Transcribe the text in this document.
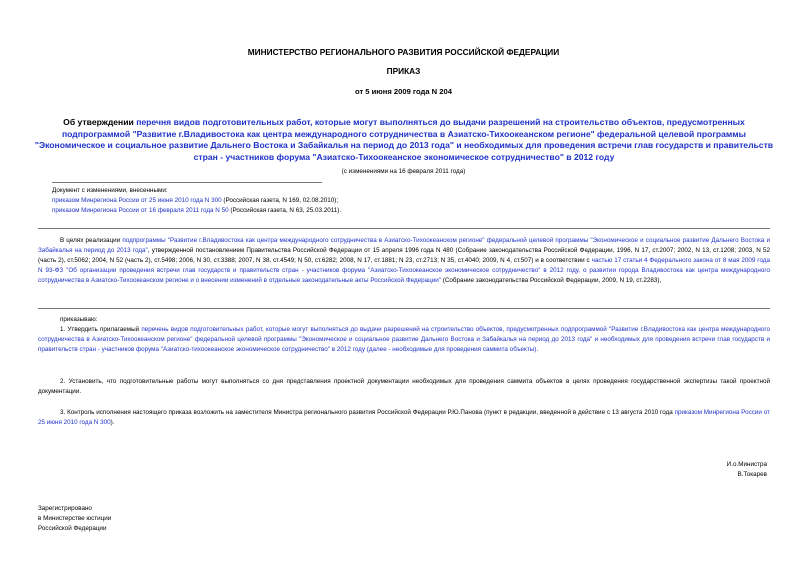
МИНИСТЕРСТВО РЕГИОНАЛЬНОГО РАЗВИТИЯ РОССИЙСКОЙ ФЕДЕРАЦИИ
ПРИКАЗ
от 5 июня 2009 года N 204
Об утверждении перечня видов подготовительных работ, которые могут выполняться до выдачи разрешений на строительство объектов, предусмотренных подпрограммой "Развитие г.Владивостока как центра международного сотрудничества в Азиатско-Тихоокеанском регионе" федеральной целевой программы "Экономическое и социальное развитие Дальнего Востока и Забайкалья на период до 2013 года" и необходимых для проведения встречи глав государств и правительств стран - участников форума "Азиатско-Тихоокеанское экономическое сотрудничество" в 2012 году
(с изменениями на 16 февраля 2011 года)
Документ с изменениями, внесенными:
приказом Минрегиона России от 25 июня 2010 года N 300 (Российская газета, N 169, 02.08.2010);
приказом Минрегиона России от 16 февраля 2011 года N 50 (Российская газета, N 63, 25.03.2011).
В целях реализации подпрограммы "Развитие г.Владивостока как центра международного сотрудничества в Азиатско-Тихоокеанском регионе" федеральной целевой программы "Экономическое и социальное развитие Дальнего Востока и Забайкалья на период до 2013 года", утвержденной постановлением Правительства Российской Федерации от 15 апреля 1996 года N 480 (Собрание законодательства Российской Федерации, 1996, N 17, ст.2007; 2002, N 13, ст.1208; 2003, N 52 (часть 2), ст.5062; 2004, N 52 (часть 2), ст.5498; 2006, N 30, ст.3388; 2007, N 38, ст.4549; N 50, ст.6282; 2008, N 17, ст.1881; N 23, ст.2713; N 35, ст.4040; 2009, N 4, ст.507) и в соответствии с частью 17 статьи 4 Федерального закона от 8 мая 2009 года N 93-ФЗ "Об организации проведения встречи глав государств и правительств стран - участников форума "Азиатско-Тихоокеанское экономическое сотрудничество" в 2012 году, о развитии города Владивостока как центра международного сотрудничества в Азиатско-Тихоокеанском регионе и о внесении изменений в отдельные законодательные акты Российской Федерации" (Собрание законодательства Российской Федерации, 2009, N 19, ст.2283),
приказываю:
1. Утвердить прилагаемый перечень видов подготовительных работ, которые могут выполняться до выдачи разрешений на строительство объектов, предусмотренных подпрограммой "Развитие г.Владивостока как центра международного сотрудничества в Азиатско-Тихоокеанском регионе" федеральной целевой программы "Экономическое и социальное развитие Дальнего Востока и Забайкалья на период до 2013 года" и необходимых для проведения встречи глав государств и правительств стран - участников форума "Азиатско-тихоокеанское экономическое сотрудничество" в 2012 году (далее - необходимые для проведения саммита объекты).
2. Установить, что подготовительные работы могут выполняться со дня представления проектной документации необходимых для проведения саммита объектов в целях проведения государственной экспертизы такой проектной документации.
3. Контроль исполнения настоящего приказа возложить на заместителя Министра регионального развития Российской Федерации Р.Ю.Панова (пункт в редакции, введенной в действие с 13 августа 2010 года приказом Минрегиона России от 25 июня 2010 года N 300).
И.о.Министра
В.Токарев
Зарегистрировано
в Министерстве юстиции
Российской Федерации
